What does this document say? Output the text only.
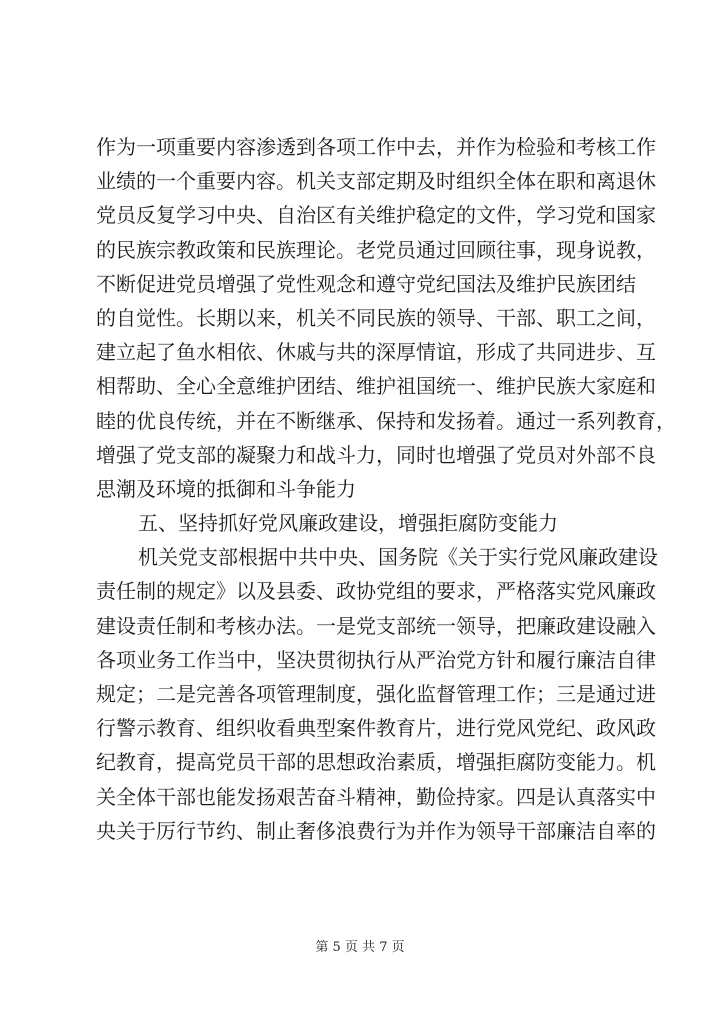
作为一项重要内容渗透到各项工作中去，并作为检验和考核工作
业绩的一个重要内容。机关支部定期及时组织全体在职和离退休
党员反复学习中央、自治区有关维护稳定的文件，学习党和国家
的民族宗教政策和民族理论。老党员通过回顾往事，现身说教，
不断促进党员增强了党性观念和遵守党纪国法及维护民族团结
的自觉性。长期以来，机关不同民族的领导、干部、职工之间，
建立起了鱼水相依、休戚与共的深厚情谊，形成了共同进步、互
相帮助、全心全意维护团结、维护祖国统一、维护民族大家庭和
睦的优良传统，并在不断继承、保持和发扬着。通过一系列教育，
增强了党支部的凝聚力和战斗力，同时也增强了党员对外部不良
思潮及环境的抵御和斗争能力
五、坚持抓好党风廉政建设，增强拒腐防变能力
机关党支部根据中共中央、国务院《关于实行党风廉政建设
责任制的规定》以及县委、政协党组的要求，严格落实党风廉政
建设责任制和考核办法。一是党支部统一领导，把廉政建设融入
各项业务工作当中，坚决贯彻执行从严治党方针和履行廉洁自律
规定；二是完善各项管理制度，强化监督管理工作；三是通过进
行警示教育、组织收看典型案件教育片，进行党风党纪、政风政
纪教育，提高党员干部的思想政治素质，增强拒腐防变能力。机
关全体干部也能发扬艰苦奋斗精神，勤俭持家。四是认真落实中
央关于厉行节约、制止奢侈浪费行为并作为领导干部廉洁自率的
第 5 页 共 7 页
